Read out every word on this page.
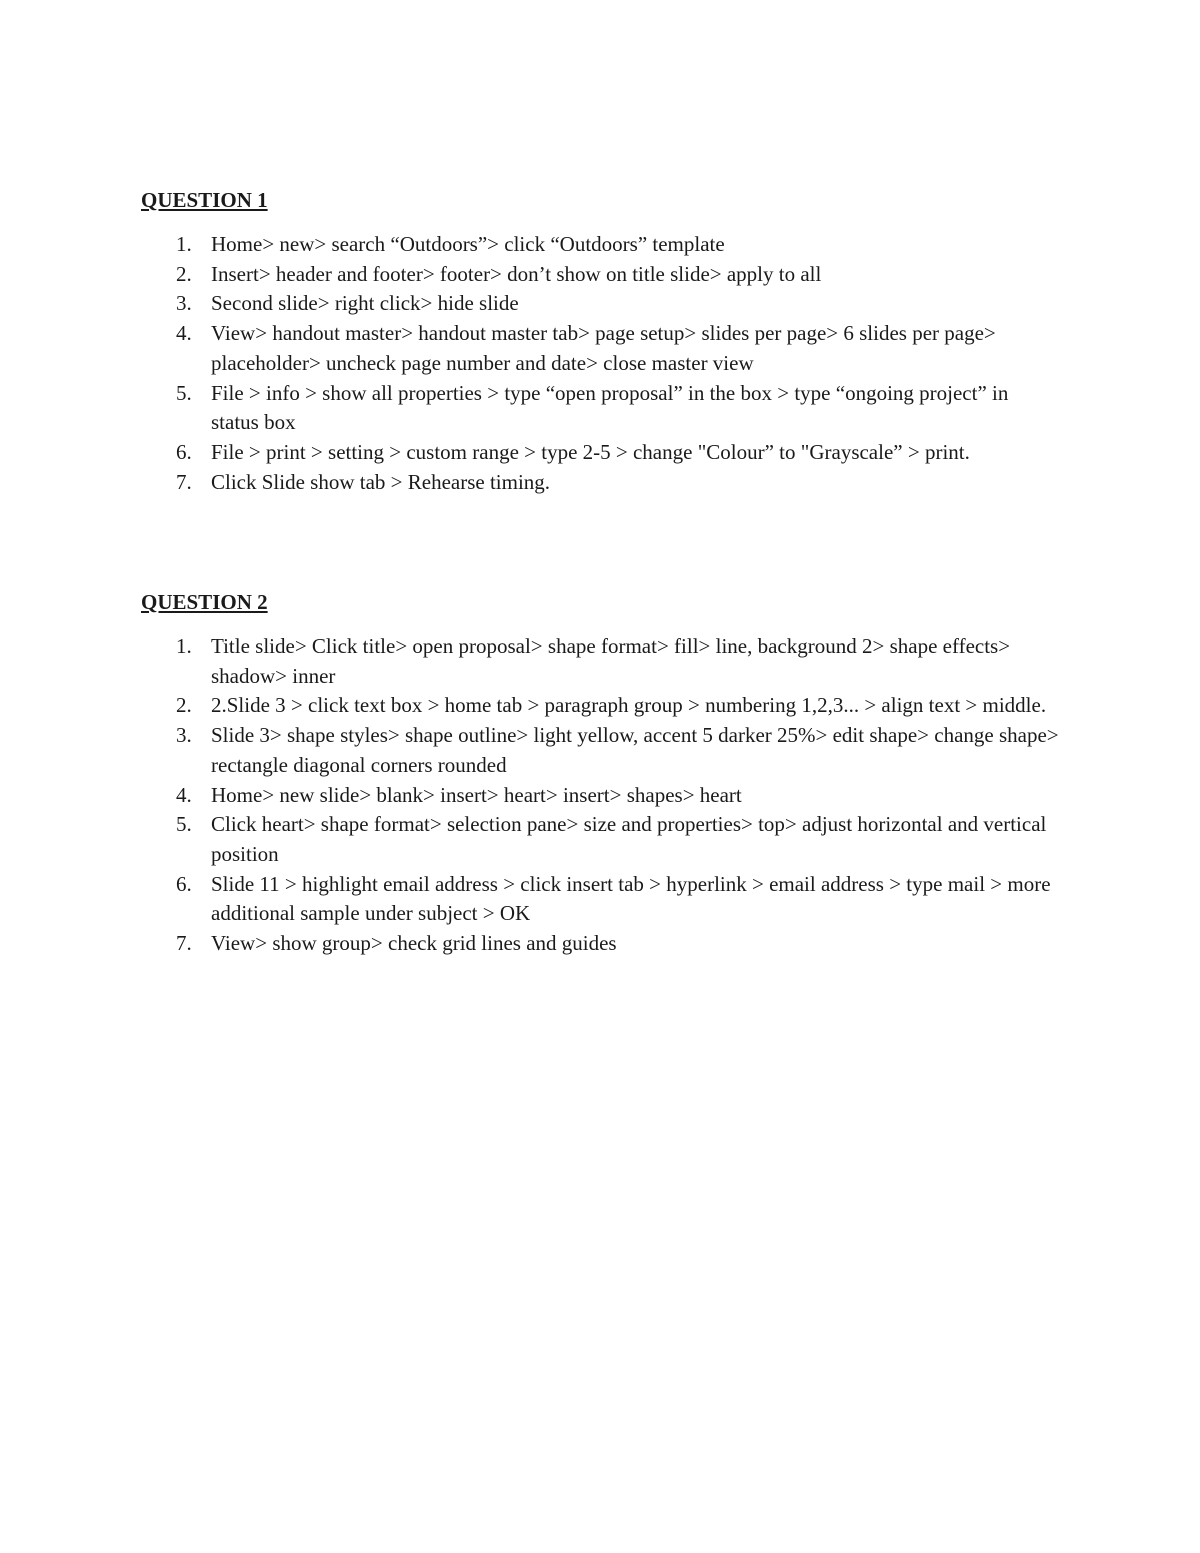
QUESTION 1
1. Home> new> search “Outdoors”> click “Outdoors” template
2. Insert> header and footer> footer> don’t show on title slide> apply to all
3. Second slide> right click> hide slide
4. View> handout master> handout master tab> page setup> slides per page> 6 slides per page> placeholder> uncheck page number and date> close master view
5. File > info > show all properties > type “open proposal” in the box > type “ongoing project” in status box
6. File > print > setting > custom range > type 2-5 > change "Colour” to "Grayscale” > print.
7. Click Slide show tab > Rehearse timing.
QUESTION 2
1. Title slide> Click title> open proposal> shape format> fill> line, background 2> shape effects> shadow> inner
2. 2.Slide 3 > click text box > home tab > paragraph group > numbering 1,2,3... > align text > middle.
3. Slide 3> shape styles> shape outline> light yellow, accent 5 darker 25%> edit shape> change shape> rectangle diagonal corners rounded
4. Home> new slide> blank> insert> heart> insert> shapes> heart
5. Click heart> shape format> selection pane> size and properties> top> adjust horizontal and vertical position
6. Slide 11 > highlight email address > click insert tab > hyperlink > email address > type mail > more additional sample under subject > OK
7. View> show group> check grid lines and guides
